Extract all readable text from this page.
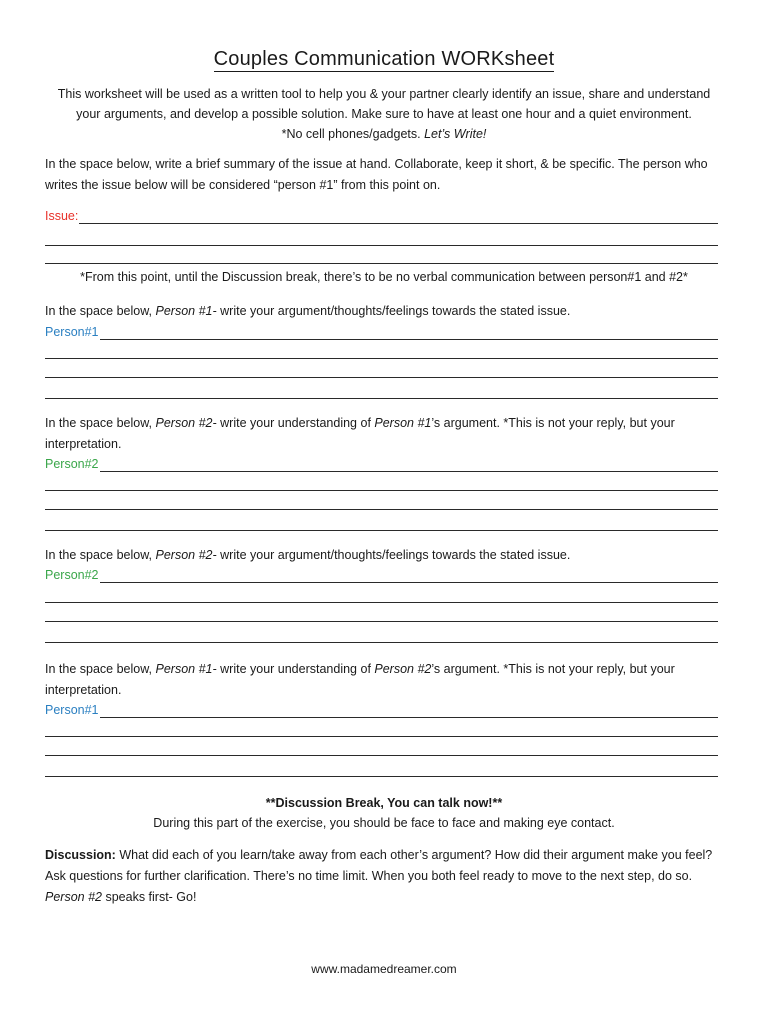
Couples Communication WORKsheet
This worksheet will be used as a written tool to help you & your partner clearly identify an issue, share and understand
your arguments, and develop a possible solution. Make sure to have at least one hour and a quiet environment.
*No cell phones/gadgets. Let’s Write!
In the space below, write a brief summary of the issue at hand. Collaborate, keep it short, & be specific. The person who
writes the issue below will be considered “person #1” from this point on.
Issue:
*From this point, until the Discussion break, there’s to be no verbal communication between person#1 and #2*
In the space below, Person #1- write your argument/thoughts/feelings towards the stated issue.
Person#1
In the space below, Person #2- write your understanding of Person #1’s argument. *This is not your reply, but your
interpretation.
Person#2
In the space below, Person #2- write your argument/thoughts/feelings towards the stated issue.
Person#2
In the space below, Person #1- write your understanding of Person #2’s argument. *This is not your reply, but your
interpretation.
Person#1
**Discussion Break, You can talk now!**
During this part of the exercise, you should be face to face and making eye contact.
Discussion: What did each of you learn/take away from each other’s argument? How did their argument make you feel?
Ask questions for further clarification. There’s no time limit. When you both feel ready to move to the next step, do so.
Person #2 speaks first- Go!
www.madamedreamer.com
